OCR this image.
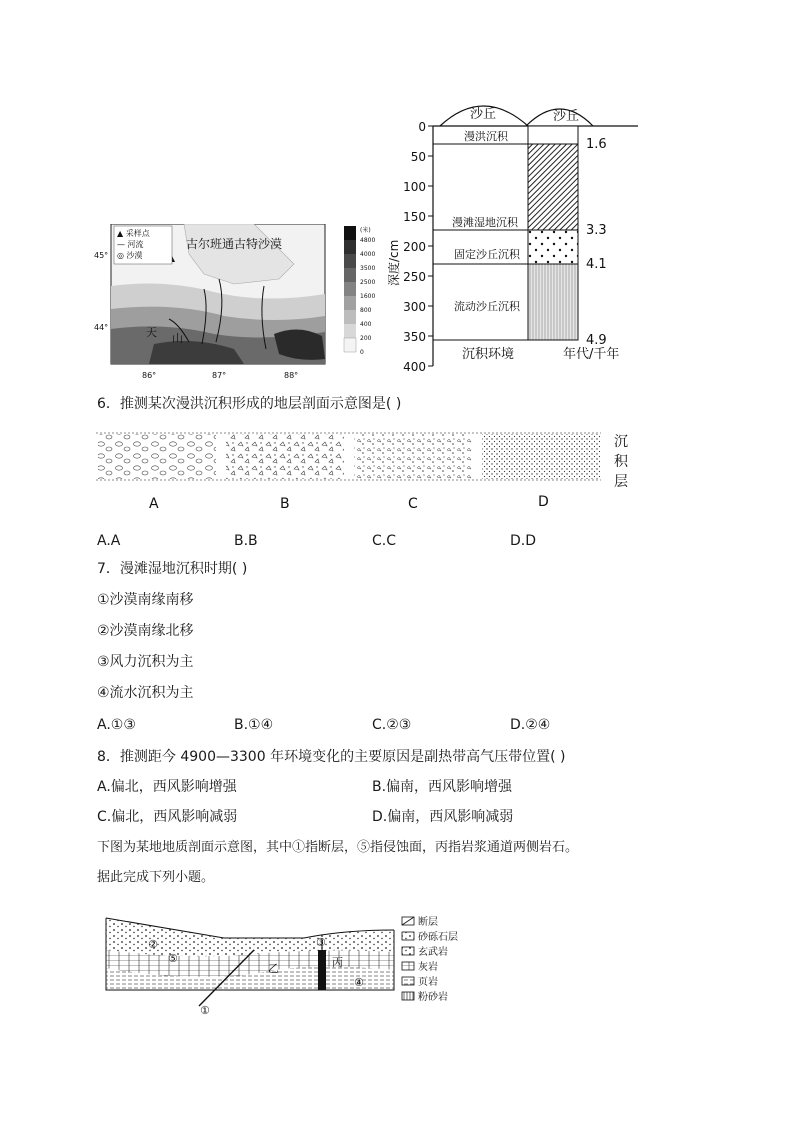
▲ 采样点
— 河流
◎ 沙漠
古尔班通古特沙漠
天 山
45°
44°
86°	87°	88°
(米)
4800
4000
3500
2500
1600
800
400
200
0
沙丘	沙丘
0
50
100
150
200
250
300
350
400
深度/cm
漫洪沉积
漫滩湿地沉积
固定沙丘沉积
流动沙丘沉积
1.6
3.3
4.1
4.9
沉积环境	年代/千年
6．推测某次漫洪沉积形成的地层剖面示意图是( )
A	B	C	D
沉
积
层
A.A	B.B	C.C	D.D
7．漫滩湿地沉积时期( )
①沙漠南缘南移
②沙漠南缘北移
③风力沉积为主
④流水沉积为主
A.①③	B.①④	C.②③	D.②④
8．推测距今 4900—3300 年环境变化的主要原因是副热带高气压带位置( )
A.偏北，西风影响增强	B.偏南，西风影响增强
C.偏北，西风影响减弱	D.偏南，西风影响减弱
下图为某地地质剖面示意图，其中①指断层，⑤指侵蚀面，丙指岩浆通道两侧岩石。
据此完成下列小题。
②
⑤
③
④
①
乙	丙
断层
砂砾石层
玄武岩
灰岩
页岩
粉砂岩
